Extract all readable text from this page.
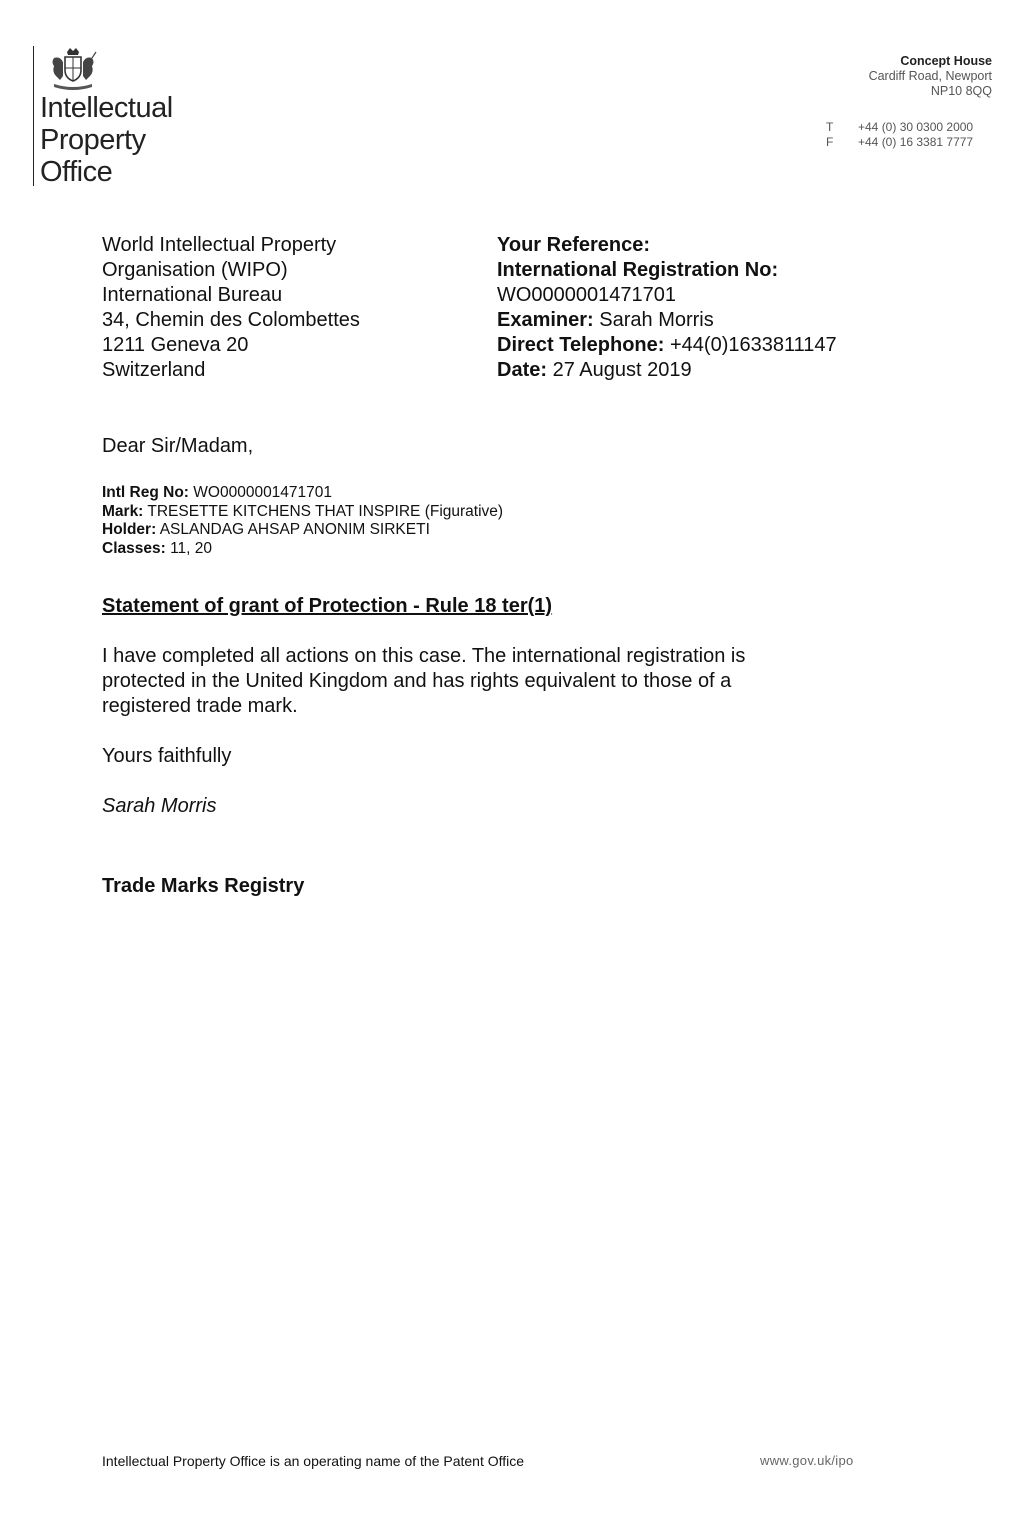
Intellectual
Property
Office
Concept House
Cardiff Road, Newport
NP10 8QQ
T	+44 (0) 30 0300 2000
F	+44 (0) 16 3381 7777
World Intellectual Property
Organisation (WIPO)
International Bureau
34, Chemin des Colombettes
1211 Geneva 20
Switzerland
Your Reference:
International Registration No:
WO0000001471701
Examiner: Sarah Morris
Direct Telephone: +44(0)1633811147
Date: 27 August 2019
Dear Sir/Madam,
Intl Reg No: WO0000001471701
Mark: TRESETTE KITCHENS THAT INSPIRE (Figurative)
Holder: ASLANDAG AHSAP ANONIM SIRKETI
Classes: 11, 20
Statement of grant of Protection - Rule 18 ter(1)
I have completed all actions on this case. The international registration is
protected in the United Kingdom and has rights equivalent to those of a
registered trade mark.
Yours faithfully
Sarah Morris
Trade Marks Registry
Intellectual Property Office is an operating name of the Patent Office	www.gov.uk/ipo
